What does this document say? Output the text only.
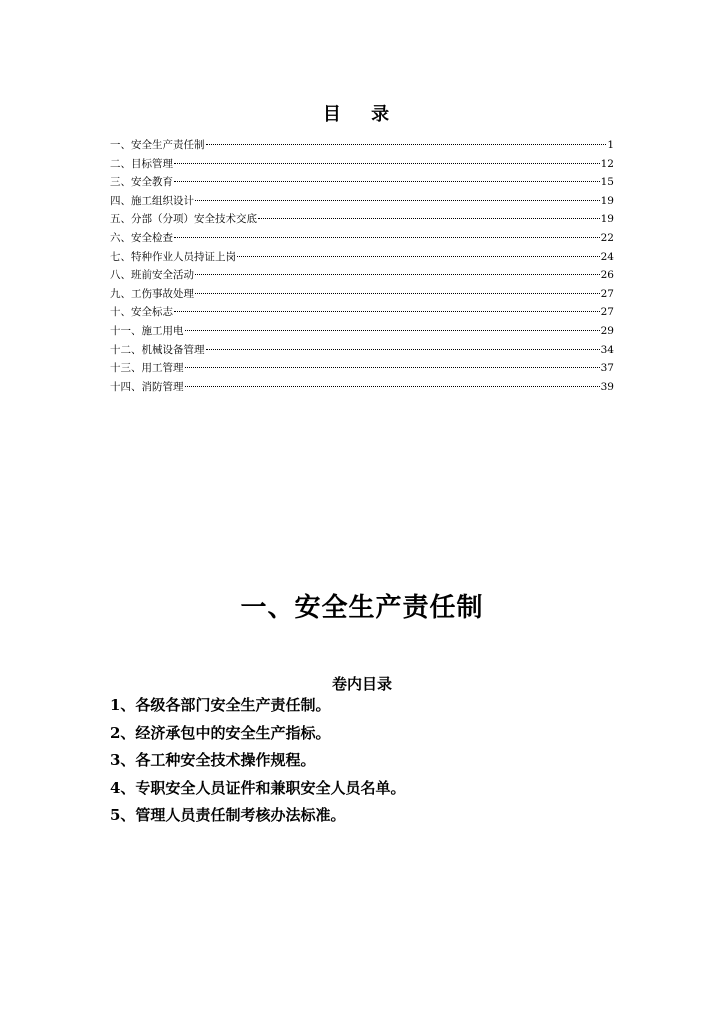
目 录
一、安全生产责任制	1
二、目标管理	12
三、安全教育	15
四、施工组织设计	19
五、分部（分项）安全技术交底	19
六、安全检查	22
七、特种作业人员持证上岗	24
八、班前安全活动	26
九、工伤事故处理	27
十、安全标志	27
十一、施工用电	29
十二、机械设备管理	34
十三、用工管理	37
十四、消防管理	39
一、安全生产责任制
卷内目录
1、各级各部门安全生产责任制。
2、经济承包中的安全生产指标。
3、各工种安全技术操作规程。
4、专职安全人员证件和兼职安全人员名单。
5、管理人员责任制考核办法标准。
